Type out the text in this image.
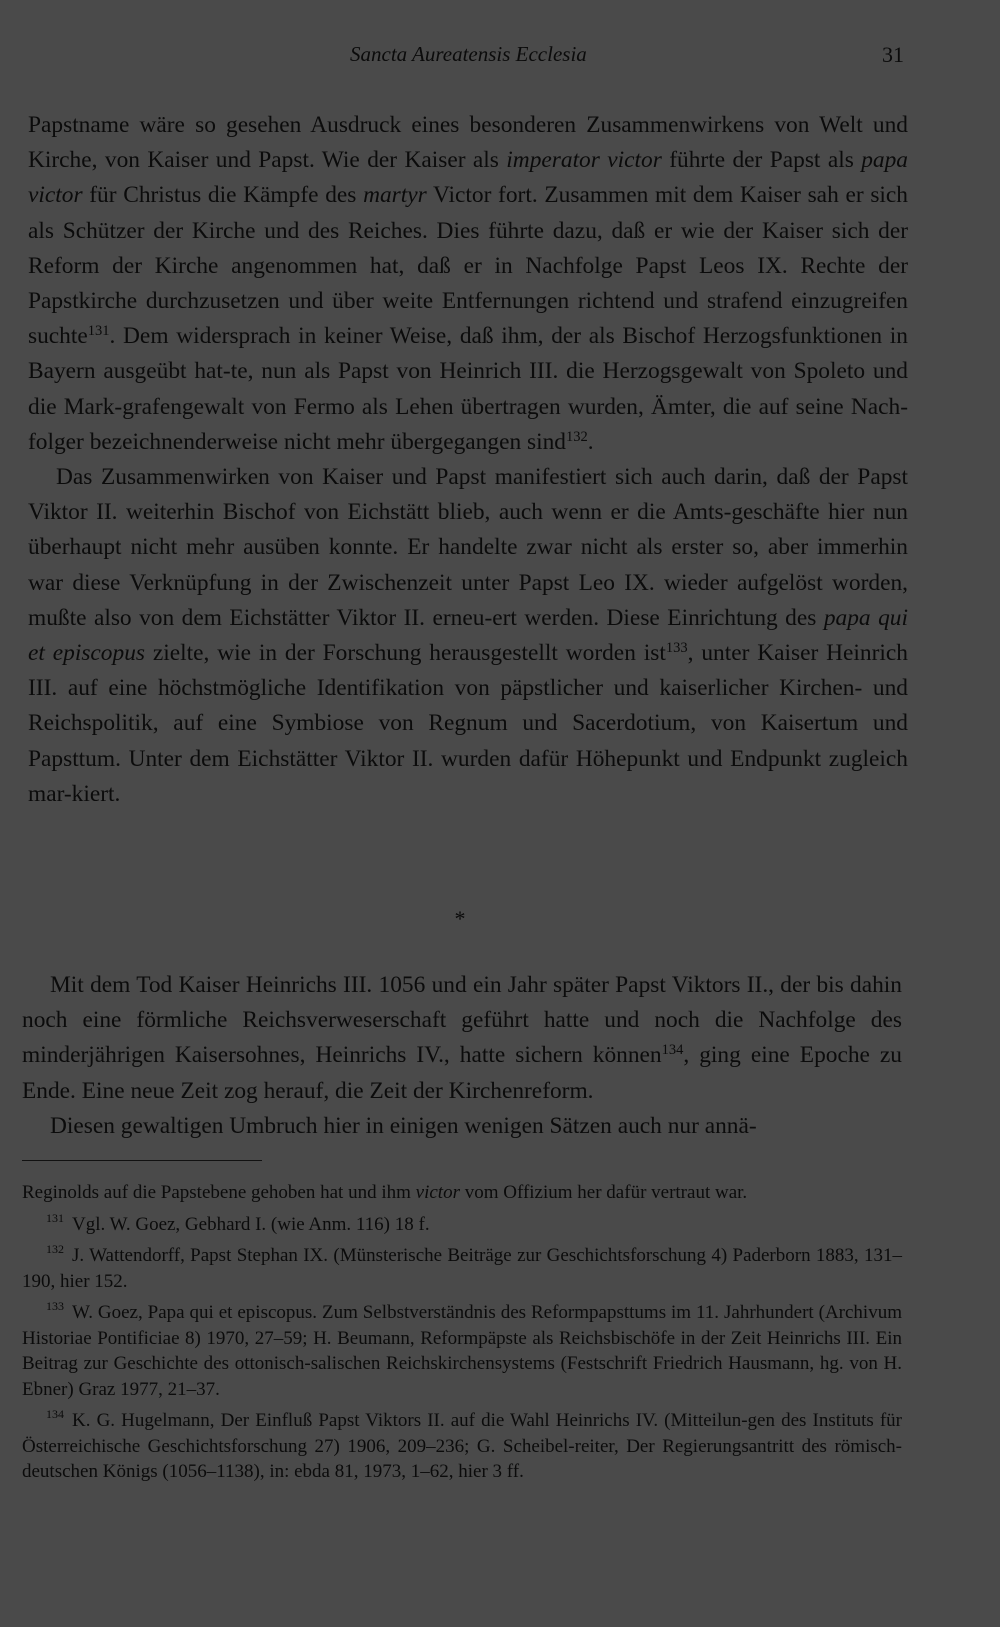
Sancta Aureatensis Ecclesia	31

Papstname wäre so gesehen Ausdruck eines besonderen Zusammenwirkens von Welt und Kirche, von Kaiser und Papst. Wie der Kaiser als imperator victor führte der Papst als papa victor für Christus die Kämpfe des martyr Victor fort. Zusammen mit dem Kaiser sah er sich als Schützer der Kirche und des Reiches. Dies führte dazu, daß er wie der Kaiser sich der Reform der Kirche angenommen hat, daß er in Nachfolge Papst Leos IX. Rechte der Papstkirche durchzusetzen und über weite Entfernungen richtend und strafend einzugreifen suchte$^{131}$. Dem widersprach in keiner Weise, daß ihm, der als Bischof Herzogsfunktionen in Bayern ausgeübt hat-te, nun als Papst von Heinrich III. die Herzogsgewalt von Spoleto und die Mark-grafengewalt von Fermo als Lehen übertragen wurden, Ämter, die auf seine Nach-folger bezeichnenderweise nicht mehr übergegangen sind$^{132}$.

Das Zusammenwirken von Kaiser und Papst manifestiert sich auch darin, daß der Papst Viktor II. weiterhin Bischof von Eichstätt blieb, auch wenn er die Amts-geschäfte hier nun überhaupt nicht mehr ausüben konnte. Er handelte zwar nicht als erster so, aber immerhin war diese Verknüpfung in der Zwischenzeit unter Papst Leo IX. wieder aufgelöst worden, mußte also von dem Eichstätter Viktor II. erneu-ert werden. Diese Einrichtung des papa qui et episcopus zielte, wie in der Forschung herausgestellt worden ist$^{133}$, unter Kaiser Heinrich III. auf eine höchstmögliche Identifikation von päpstlicher und kaiserlicher Kirchen- und Reichspolitik, auf eine Symbiose von Regnum und Sacerdotium, von Kaisertum und Papsttum. Unter dem Eichstätter Viktor II. wurden dafür Höhepunkt und Endpunkt zugleich mar-kiert.

*

Mit dem Tod Kaiser Heinrichs III. 1056 und ein Jahr später Papst Viktors II., der bis dahin noch eine förmliche Reichsverweserschaft geführt hatte und noch die Nachfolge des minderjährigen Kaisersohnes, Heinrichs IV., hatte sichern können$^{134}$, ging eine Epoche zu Ende. Eine neue Zeit zog herauf, die Zeit der Kirchenreform.

Diesen gewaltigen Umbruch hier in einigen wenigen Sätzen auch nur annä-

Reginolds auf die Papstebene gehoben hat und ihm victor vom Offizium her dafür vertraut war.

$^{131}$ Vgl. W. Goez, Gebhard I. (wie Anm. 116) 18 f.

$^{132}$ J. Wattendorff, Papst Stephan IX. (Münsterische Beiträge zur Geschichtsforschung 4) Paderborn 1883, 131–190, hier 152.

$^{133}$ W. Goez, Papa qui et episcopus. Zum Selbstverständnis des Reformpapsttums im 11. Jahrhundert (Archivum Historiae Pontificiae 8) 1970, 27–59; H. Beumann, Reformpäpste als Reichsbischöfe in der Zeit Heinrichs III. Ein Beitrag zur Geschichte des ottonisch-salischen Reichskirchensystems (Festschrift Friedrich Hausmann, hg. von H. Ebner) Graz 1977, 21–37.

$^{134}$ K. G. Hugelmann, Der Einfluß Papst Viktors II. auf die Wahl Heinrichs IV. (Mitteilun-gen des Instituts für Österreichische Geschichtsforschung 27) 1906, 209–236; G. Scheibel-reiter, Der Regierungsantritt des römisch-deutschen Königs (1056–1138), in: ebda 81, 1973, 1–62, hier 3 ff.
